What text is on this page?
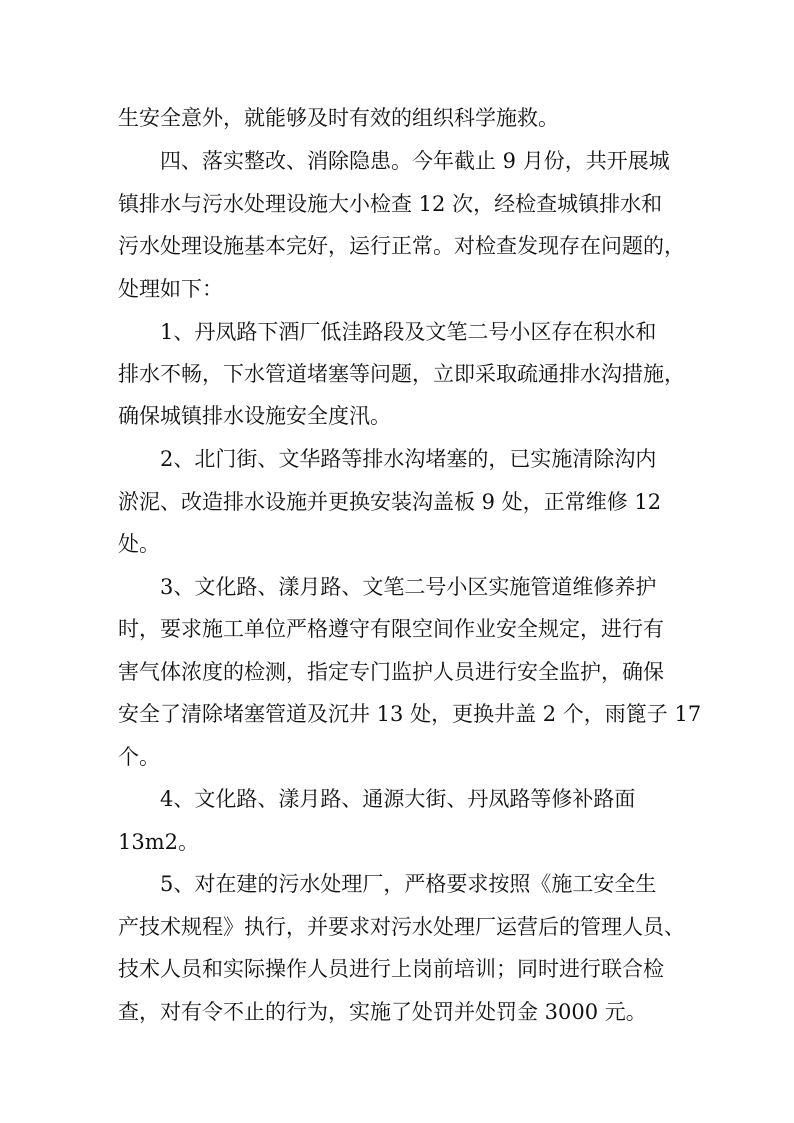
生安全意外，就能够及时有效的组织科学施救。
四、落实整改、消除隐患。今年截止 9 月份，共开展城
镇排水与污水处理设施大小检查 12 次，经检查城镇排水和
污水处理设施基本完好，运行正常。对检查发现存在问题的，
处理如下：
1、丹凤路下酒厂低洼路段及文笔二号小区存在积水和
排水不畅，下水管道堵塞等问题，立即采取疏通排水沟措施，
确保城镇排水设施安全度汛。
2、北门街、文华路等排水沟堵塞的，已实施清除沟内
淤泥、改造排水设施并更换安装沟盖板 9 处，正常维修 12
处。
3、文化路、漾月路、文笔二号小区实施管道维修养护
时，要求施工单位严格遵守有限空间作业安全规定，进行有
害气体浓度的检测，指定专门监护人员进行安全监护，确保
安全了清除堵塞管道及沉井 13 处，更换井盖 2 个，雨篦子 17
个。
4、文化路、漾月路、通源大街、丹凤路等修补路面
13m2。
5、对在建的污水处理厂，严格要求按照《施工安全生
产技术规程》执行，并要求对污水处理厂运营后的管理人员、
技术人员和实际操作人员进行上岗前培训；同时进行联合检
查，对有令不止的行为，实施了处罚并处罚金 3000 元。
